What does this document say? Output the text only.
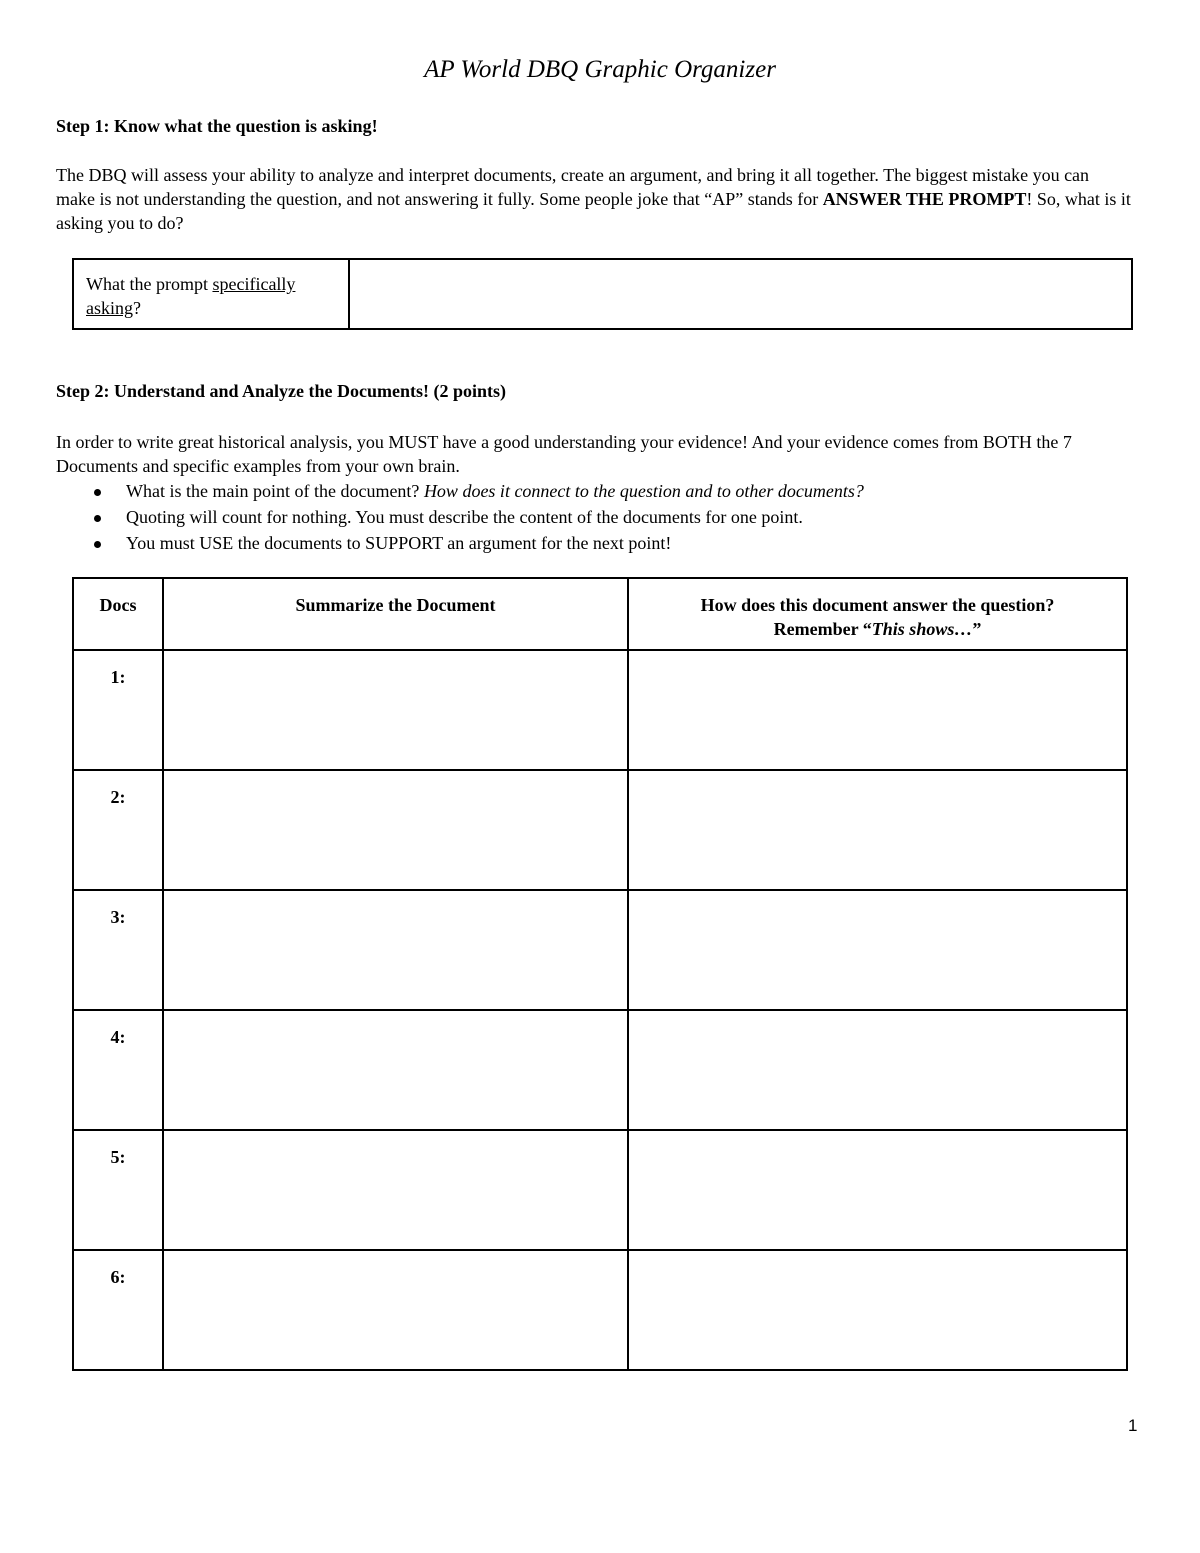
AP World DBQ Graphic Organizer
Step 1: Know what the question is asking!

The DBQ will assess your ability to analyze and interpret documents, create an argument, and bring it all together. The biggest mistake you can make is not understanding the question, and not answering it fully. Some people joke that “AP” stands for ANSWER THE PROMPT! So, what is it asking you to do?

What the prompt specifically asking?
Step 2: Understand and Analyze the Documents! (2 points)

In order to write great historical analysis, you MUST have a good understanding your evidence! And your evidence comes from BOTH the 7 Documents and specific examples from your own brain.

What is the main point of the document? How does it connect to the question and to other documents?
Quoting will count for nothing. You must describe the content of the documents for one point.
You must USE the documents to SUPPORT an argument for the next point!
Docs	Summarize the Document	How does this document answer the question?
Remember “This shows…”
1:		
2:		
3:		
4:		
5:		
6:		
1
